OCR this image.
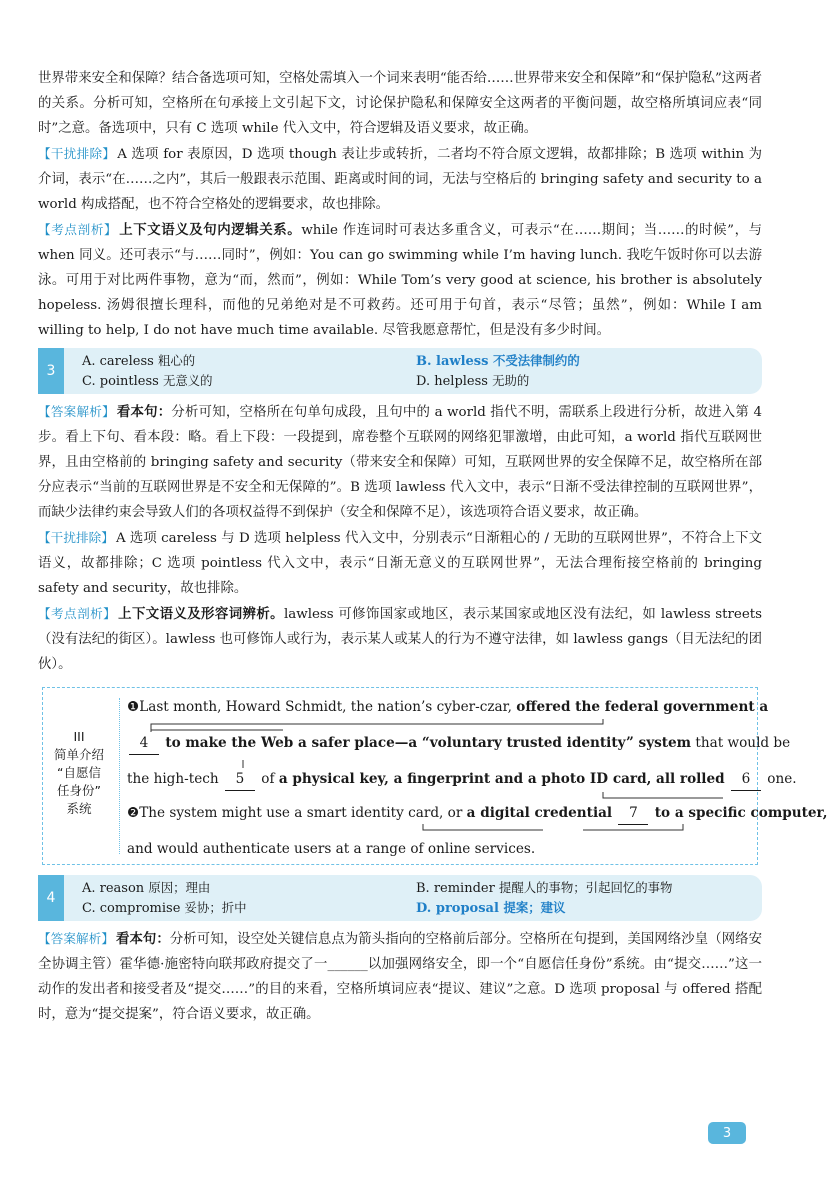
世界带来安全和保障？结合备选项可知，空格处需填入一个词来表明“能否给……世界带来安全和保障”和“保护隐私”这两者的关系。分析可知，空格所在句承接上文引起下文，讨论保护隐私和保障安全这两者的平衡问题，故空格所填词应表“同时”之意。备选项中，只有 C 选项 while 代入文中，符合逻辑及语义要求，故正确。

【干扰排除】 A 选项 for 表原因，D 选项 though 表让步或转折，二者均不符合原文逻辑，故都排除；B 选项 within 为介词，表示“在……之内”，其后一般跟表示范围、距离或时间的词，无法与空格后的 bringing safety and security to a world 构成搭配，也不符合空格处的逻辑要求，故也排除。

【考点剖析】 上下文语义及句内逻辑关系。while 作连词时可表达多重含义，可表示“在……期间；当……的时候”，与 when 同义。还可表示“与……同时”，例如：You can go swimming while I’m having lunch. 我吃午饭时你可以去游泳。可用于对比两件事物，意为“而，然而”，例如：While Tom’s very good at science, his brother is absolutely hopeless. 汤姆很擅长理科，而他的兄弟绝对是不可救药。还可用于句首，表示“尽管；虽然”，例如：While I am willing to help, I do not have much time available. 尽管我愿意帮忙，但是没有多少时间。

3
A. careless 粗心的	B. lawless 不受法律制约的
C. pointless 无意义的	D. helpless 无助的

【答案解析】 看本句：分析可知，空格所在句单句成段，且句中的 a world 指代不明，需联系上段进行分析，故进入第 4 步。看上下句、看本段：略。看上下段：一段提到，席卷整个互联网的网络犯罪激增，由此可知，a world 指代互联网世界，且由空格前的 bringing safety and security（带来安全和保障）可知，互联网世界的安全保障不足，故空格所在部分应表示“当前的互联网世界是不安全和无保障的”。B 选项 lawless 代入文中，表示“日渐不受法律控制的互联网世界”，而缺少法律约束会导致人们的各项权益得不到保护（安全和保障不足），该选项符合语义要求，故正确。

【干扰排除】 A 选项 careless 与 D 选项 helpless 代入文中，分别表示“日渐粗心的 / 无助的互联网世界”，不符合上下文语义，故都排除；C 选项 pointless 代入文中，表示“日渐无意义的互联网世界”，无法合理衔接空格前的 bringing safety and security，故也排除。

【考点剖析】 上下文语义及形容词辨析。lawless 可修饰国家或地区，表示某国家或地区没有法纪，如 lawless streets（没有法纪的街区）。lawless 也可修饰人或行为，表示某人或某人的行为不遵守法律，如 lawless gangs（目无法纪的团伙）。

III
简单介绍
“自愿信
任身份”
系统
❶Last month, Howard Schmidt, the nation’s cyber-czar, offered the federal government a
4 to make the Web a safer place—a “voluntary trusted identity” system that would be
the high-tech 5 of a physical key, a fingerprint and a photo ID card, all rolled 6 one.
❷The system might use a smart identity card, or a digital credential 7 to a specific computer,
and would authenticate users at a range of online services.
4
A. reason 原因；理由	B. reminder 提醒人的事物；引起回忆的事物
C. compromise 妥协；折中	D. proposal 提案；建议

【答案解析】 看本句：分析可知，设空处关键信息点为箭头指向的空格前后部分。空格所在句提到，美国网络沙皇（网络安全协调主管）霍华德·施密特向联邦政府提交了一______以加强网络安全，即一个“自愿信任身份”系统。由“提交……”这一动作的发出者和接受者及“提交……”的目的来看，空格所填词应表“提议、建议”之意。D 选项 proposal 与 offered 搭配时，意为“提交提案”，符合语义要求，故正确。

3
